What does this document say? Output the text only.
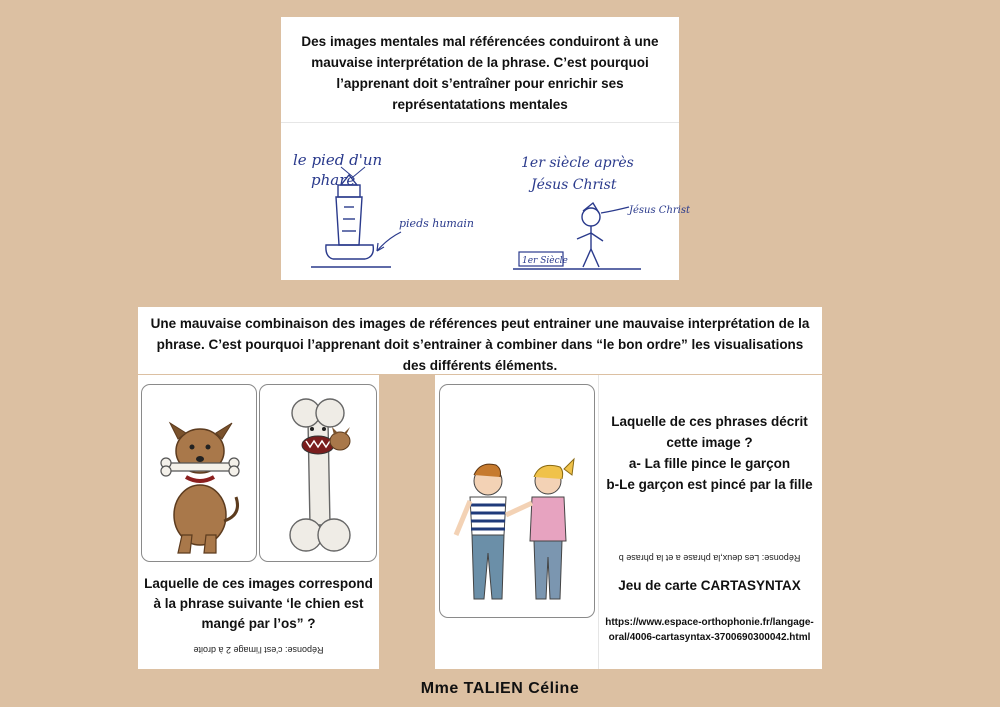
Des images mentales mal référencées conduiront à une mauvaise interprétation de la phrase. C’est pourquoi l’apprenant doit s’entraîner pour enrichir ses représentatations mentales
le pied d'un
phare
pieds humain
1er siècle après
Jésus Christ
Jésus Christ
1er Siècle
Une mauvaise combinaison des images de références peut entrainer une mauvaise interprétation de la phrase. C’est pourquoi l’apprenant doit s’entrainer à combiner dans “le bon ordre” les visualisations des différents éléments.
Laquelle de ces images correspond à la phrase suivante ‘le chien est mangé par l’os” ?
Réponse: c'est l'image 2 à droite
Laquelle de ces phrases décrit cette image ?
a- La fille pince le garçon
b-Le garçon est pincé par la fille
Réponse: Les deux,la phrase a et la phrase b
Jeu de carte CARTASYNTAX
https://www.espace-orthophonie.fr/langage-oral/4006-cartasyntax-3700690300042.html
Mme TALIEN Céline
